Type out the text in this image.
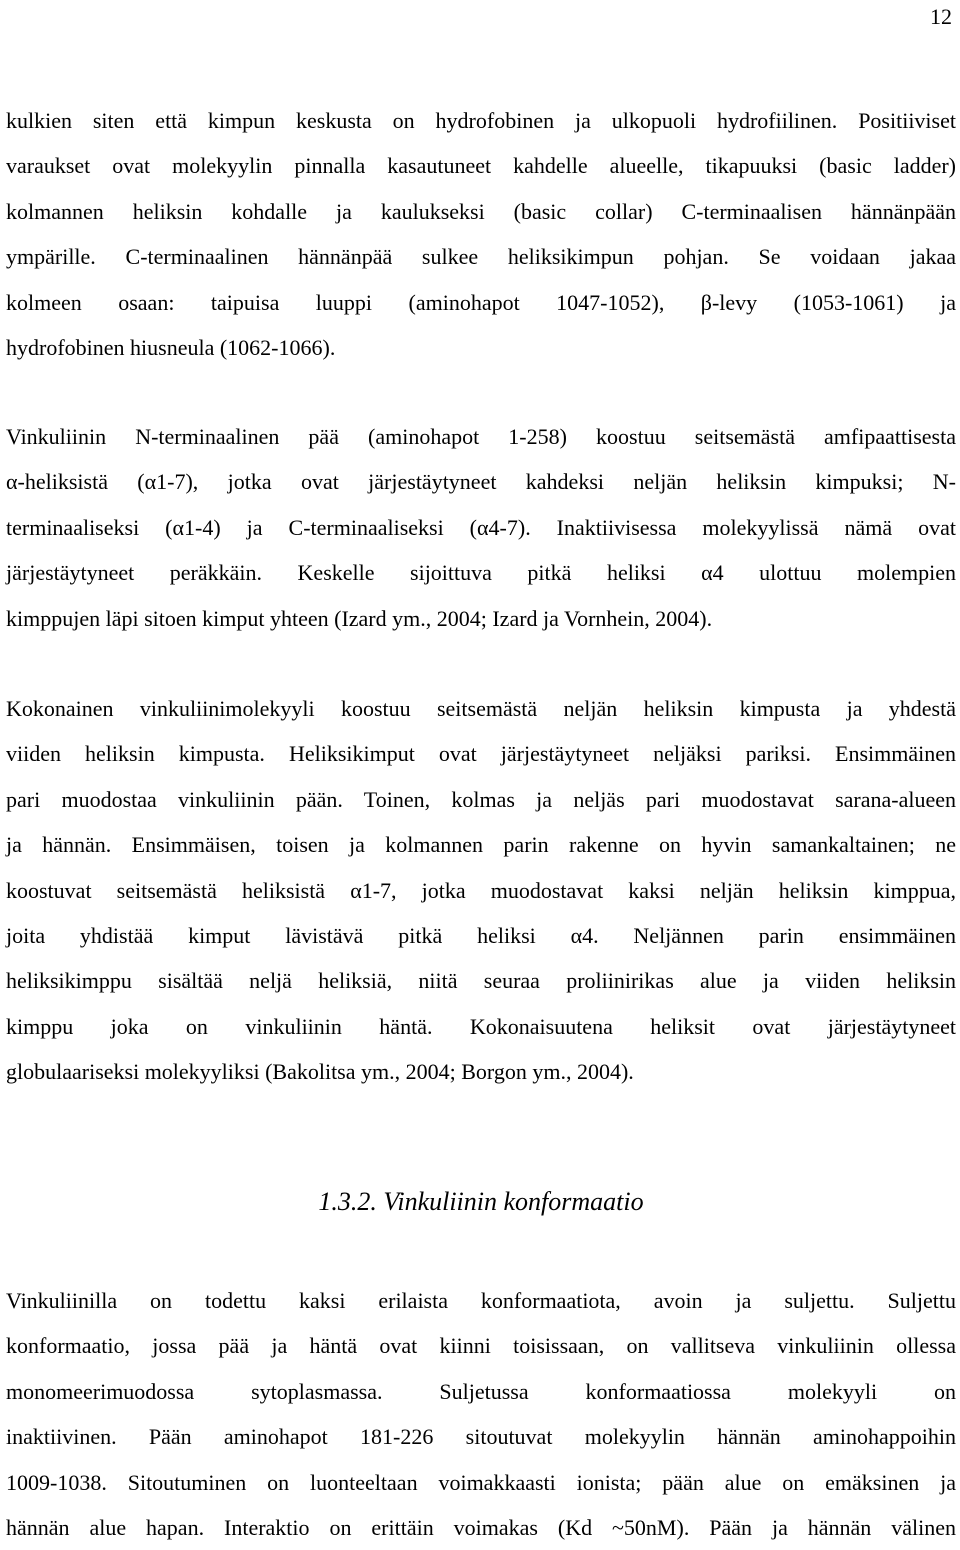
12
kulkien siten että kimpun keskusta on hydrofobinen ja ulkopuoli hydrofiilinen. Positiiviset
varaukset ovat molekyylin pinnalla kasautuneet kahdelle alueelle, tikapuuksi (basic ladder)
kolmannen heliksin kohdalle ja kaulukseksi (basic collar) C-terminaalisen hännänpään
ympärille. C-terminaalinen hännänpää sulkee heliksikimpun pohjan. Se voidaan jakaa
kolmeen osaan: taipuisa luuppi (aminohapot 1047-1052), β-levy (1053-1061) ja
hydrofobinen hiusneula (1062-1066).
Vinkuliinin N-terminaalinen pää (aminohapot 1-258) koostuu seitsemästä amfipaattisesta
α-heliksistä (α1-7), jotka ovat järjestäytyneet kahdeksi neljän heliksin kimpuksi; N-
terminaaliseksi (α1-4) ja C-terminaaliseksi (α4-7). Inaktiivisessa molekyylissä nämä ovat
järjestäytyneet peräkkäin. Keskelle sijoittuva pitkä heliksi α4 ulottuu molempien
kimppujen läpi sitoen kimput yhteen (Izard ym., 2004; Izard ja Vornhein, 2004).
Kokonainen vinkuliinimolekyyli koostuu seitsemästä neljän heliksin kimpusta ja yhdestä
viiden heliksin kimpusta. Heliksikimput ovat järjestäytyneet neljäksi pariksi. Ensimmäinen
pari muodostaa vinkuliinin pään. Toinen, kolmas ja neljäs pari muodostavat sarana-alueen
ja hännän. Ensimmäisen, toisen ja kolmannen parin rakenne on hyvin samankaltainen; ne
koostuvat seitsemästä heliksistä α1-7, jotka muodostavat kaksi neljän heliksin kimppua,
joita yhdistää kimput lävistävä pitkä heliksi α4. Neljännen parin ensimmäinen
heliksikimppu sisältää neljä heliksiä, niitä seuraa proliinirikas alue ja viiden heliksin
kimppu joka on vinkuliinin häntä. Kokonaisuutena heliksit ovat järjestäytyneet
globulaariseksi molekyyliksi (Bakolitsa ym., 2004; Borgon ym., 2004).
1.3.2. Vinkuliinin konformaatio
Vinkuliinilla on todettu kaksi erilaista konformaatiota, avoin ja suljettu. Suljettu
konformaatio, jossa pää ja häntä ovat kiinni toisissaan, on vallitseva vinkuliinin ollessa
monomeerimuodossa sytoplasmassa. Suljetussa konformaatiossa molekyyli on
inaktiivinen. Pään aminohapot 181-226 sitoutuvat molekyylin hännän aminohappoihin
1009-1038. Sitoutuminen on luonteeltaan voimakkaasti ionista; pään alue on emäksinen ja
hännän alue hapan. Interaktio on erittäin voimakas (Kd ~50nM). Pään ja hännän välinen
